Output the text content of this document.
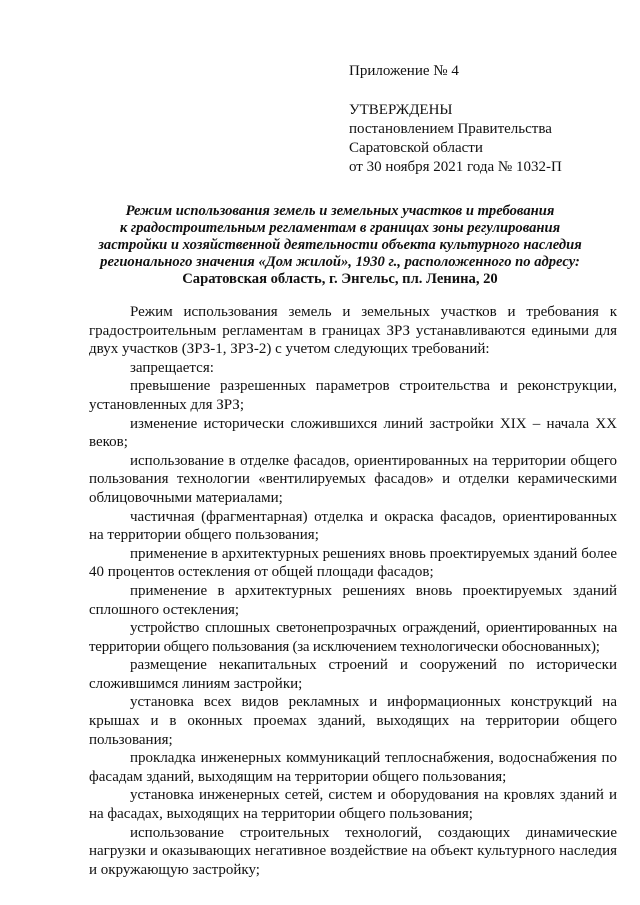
Приложение № 4
УТВЕРЖДЕНЫ
постановлением Правительства
Саратовской области
от 30 ноября 2021 года № 1032-П
Режим использования земель и земельных участков и требования
к градостроительным регламентам в границах зоны регулирования
застройки и хозяйственной деятельности объекта культурного наследия
регионального значения «Дом жилой», 1930 г., расположенного по адресу:
Саратовская область, г. Энгельс, пл. Ленина, 20

Режим использования земель и земельных участков и требования к градостроительным регламентам в границах ЗРЗ устанавливаются едиными для двух участков (ЗРЗ-1, ЗРЗ-2) с учетом следующих требований:

запрещается:

превышение разрешенных параметров строительства и реконструкции, установленных для ЗРЗ;

изменение исторически сложившихся линий застройки XIX – начала XX веков;

использование в отделке фасадов, ориентированных на территории общего пользования технологии «вентилируемых фасадов» и отделки керамическими облицовочными материалами;

частичная (фрагментарная) отделка и окраска фасадов, ориентированных на территории общего пользования;

применение в архитектурных решениях вновь проектируемых зданий более 40 процентов остекления от общей площади фасадов;

применение в архитектурных решениях вновь проектируемых зданий сплошного остекления;

устройство сплошных светонепрозрачных ограждений, ориентированных на территории общего пользования (за исключением технологически обоснованных);

размещение некапитальных строений и сооружений по исторически сложившимся линиям застройки;

установка всех видов рекламных и информационных конструкций на крышах и в оконных проемах зданий, выходящих на территории общего пользования;

прокладка инженерных коммуникаций теплоснабжения, водоснабжения по фасадам зданий, выходящим на территории общего пользования;

установка инженерных сетей, систем и оборудования на кровлях зданий и на фасадах, выходящих на территории общего пользования;

использование строительных технологий, создающих динамические нагрузки и оказывающих негативное воздействие на объект культурного наследия и окружающую застройку;
